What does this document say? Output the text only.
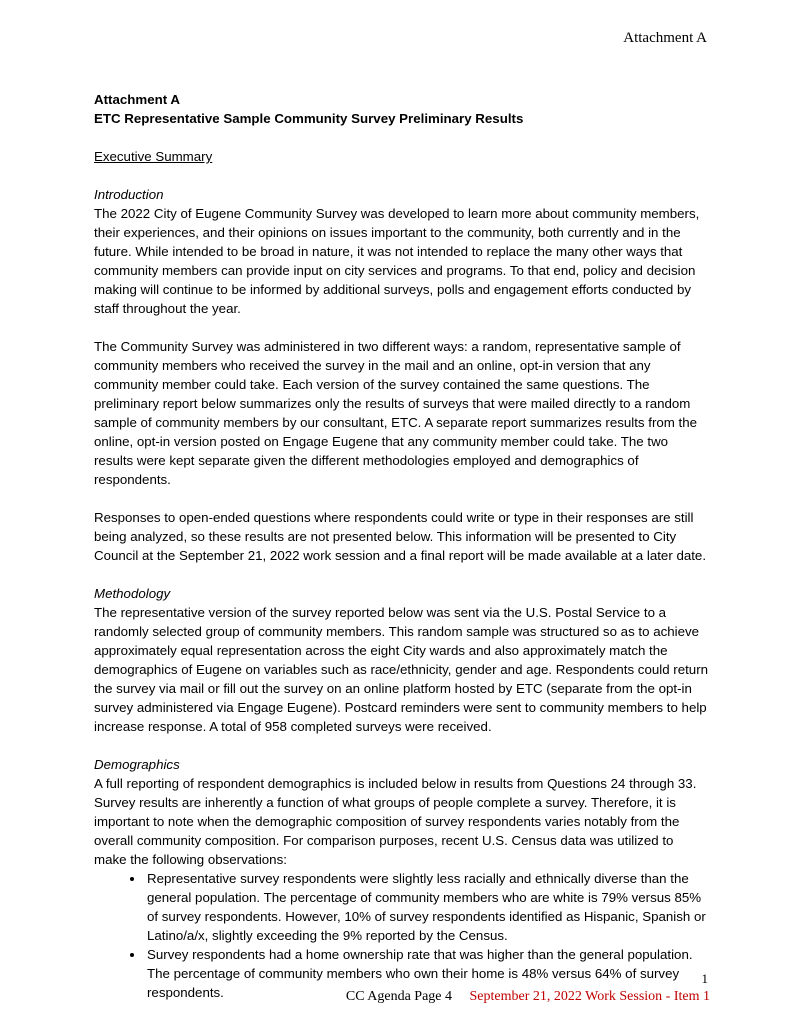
Attachment A
Attachment A
ETC Representative Sample Community Survey Preliminary Results
Executive Summary
Introduction

The 2022 City of Eugene Community Survey was developed to learn more about community members, their experiences, and their opinions on issues important to the community, both currently and in the future. While intended to be broad in nature, it was not intended to replace the many other ways that community members can provide input on city services and programs. To that end, policy and decision making will continue to be informed by additional surveys, polls and engagement efforts conducted by staff throughout the year.

The Community Survey was administered in two different ways: a random, representative sample of community members who received the survey in the mail and an online, opt-in version that any community member could take. Each version of the survey contained the same questions. The preliminary report below summarizes only the results of surveys that were mailed directly to a random sample of community members by our consultant, ETC. A separate report summarizes results from the online, opt-in version posted on Engage Eugene that any community member could take. The two results were kept separate given the different methodologies employed and demographics of respondents.

Responses to open-ended questions where respondents could write or type in their responses are still being analyzed, so these results are not presented below. This information will be presented to City Council at the September 21, 2022 work session and a final report will be made available at a later date.

Methodology

The representative version of the survey reported below was sent via the U.S. Postal Service to a randomly selected group of community members. This random sample was structured so as to achieve approximately equal representation across the eight City wards and also approximately match the demographics of Eugene on variables such as race/ethnicity, gender and age. Respondents could return the survey via mail or fill out the survey on an online platform hosted by ETC (separate from the opt-in survey administered via Engage Eugene). Postcard reminders were sent to community members to help increase response. A total of 958 completed surveys were received.

Demographics

A full reporting of respondent demographics is included below in results from Questions 24 through 33. Survey results are inherently a function of what groups of people complete a survey. Therefore, it is important to note when the demographic composition of survey respondents varies notably from the overall community composition. For comparison purposes, recent U.S. Census data was utilized to make the following observations:

• Representative survey respondents were slightly less racially and ethnically diverse than the general population. The percentage of community members who are white is 79% versus 85% of survey respondents. However, 10% of survey respondents identified as Hispanic, Spanish or Latino/a/x, slightly exceeding the 9% reported by the Census.
• Survey respondents had a home ownership rate that was higher than the general population. The percentage of community members who own their home is 48% versus 64% of survey respondents.
1
CC Agenda Page 4 September 21, 2022 Work Session - Item 1
